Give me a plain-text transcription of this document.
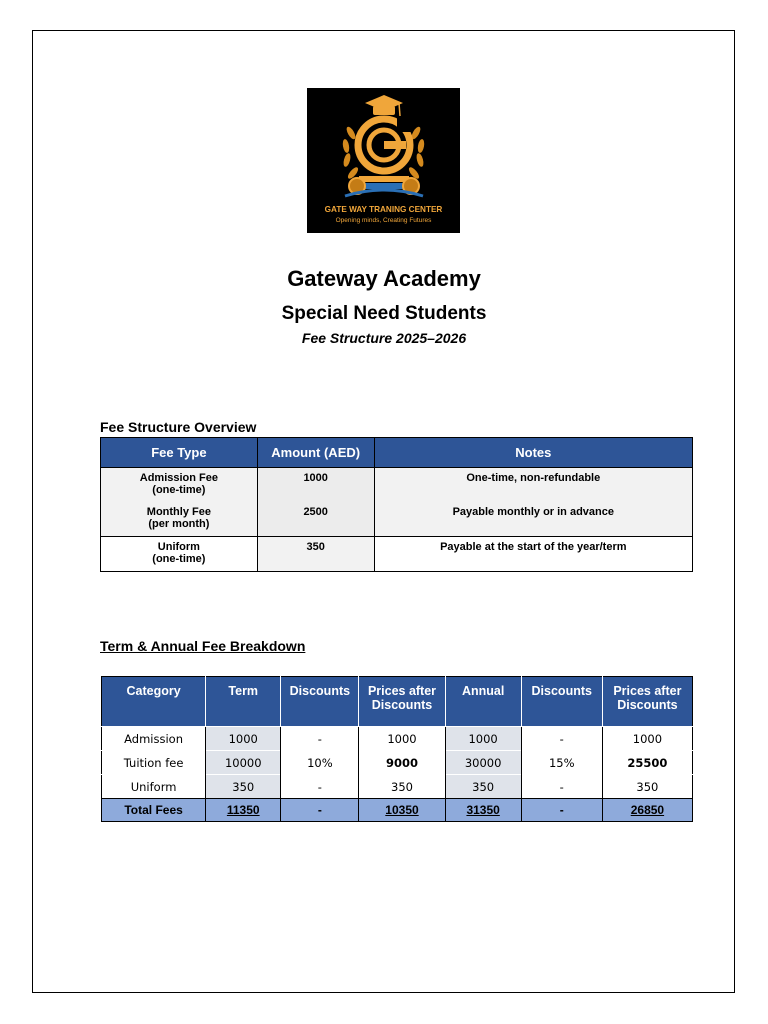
GATE WAY TRANING CENTER
Opening minds, Creating Futures
Gateway Academy
Special Need Students
Fee Structure 2025–2026
Fee Structure Overview
Fee Type	Amount (AED)	Notes
Admission Fee
(one-time)	1000	One-time, non-refundable
Monthly Fee
(per month)	2500	Payable monthly or in advance
Uniform
(one-time)	350	Payable at the start of the year/term
Term & Annual Fee Breakdown
Category	Term	Discounts	Prices after Discounts	Annual	Discounts	Prices after Discounts
Admission	1000	-	1000	1000	-	1000
Tuition fee	10000	10%	9000	30000	15%	25500
Uniform	350	-	350	350	-	350
Total Fees	11350	-	10350	31350	-	26850
